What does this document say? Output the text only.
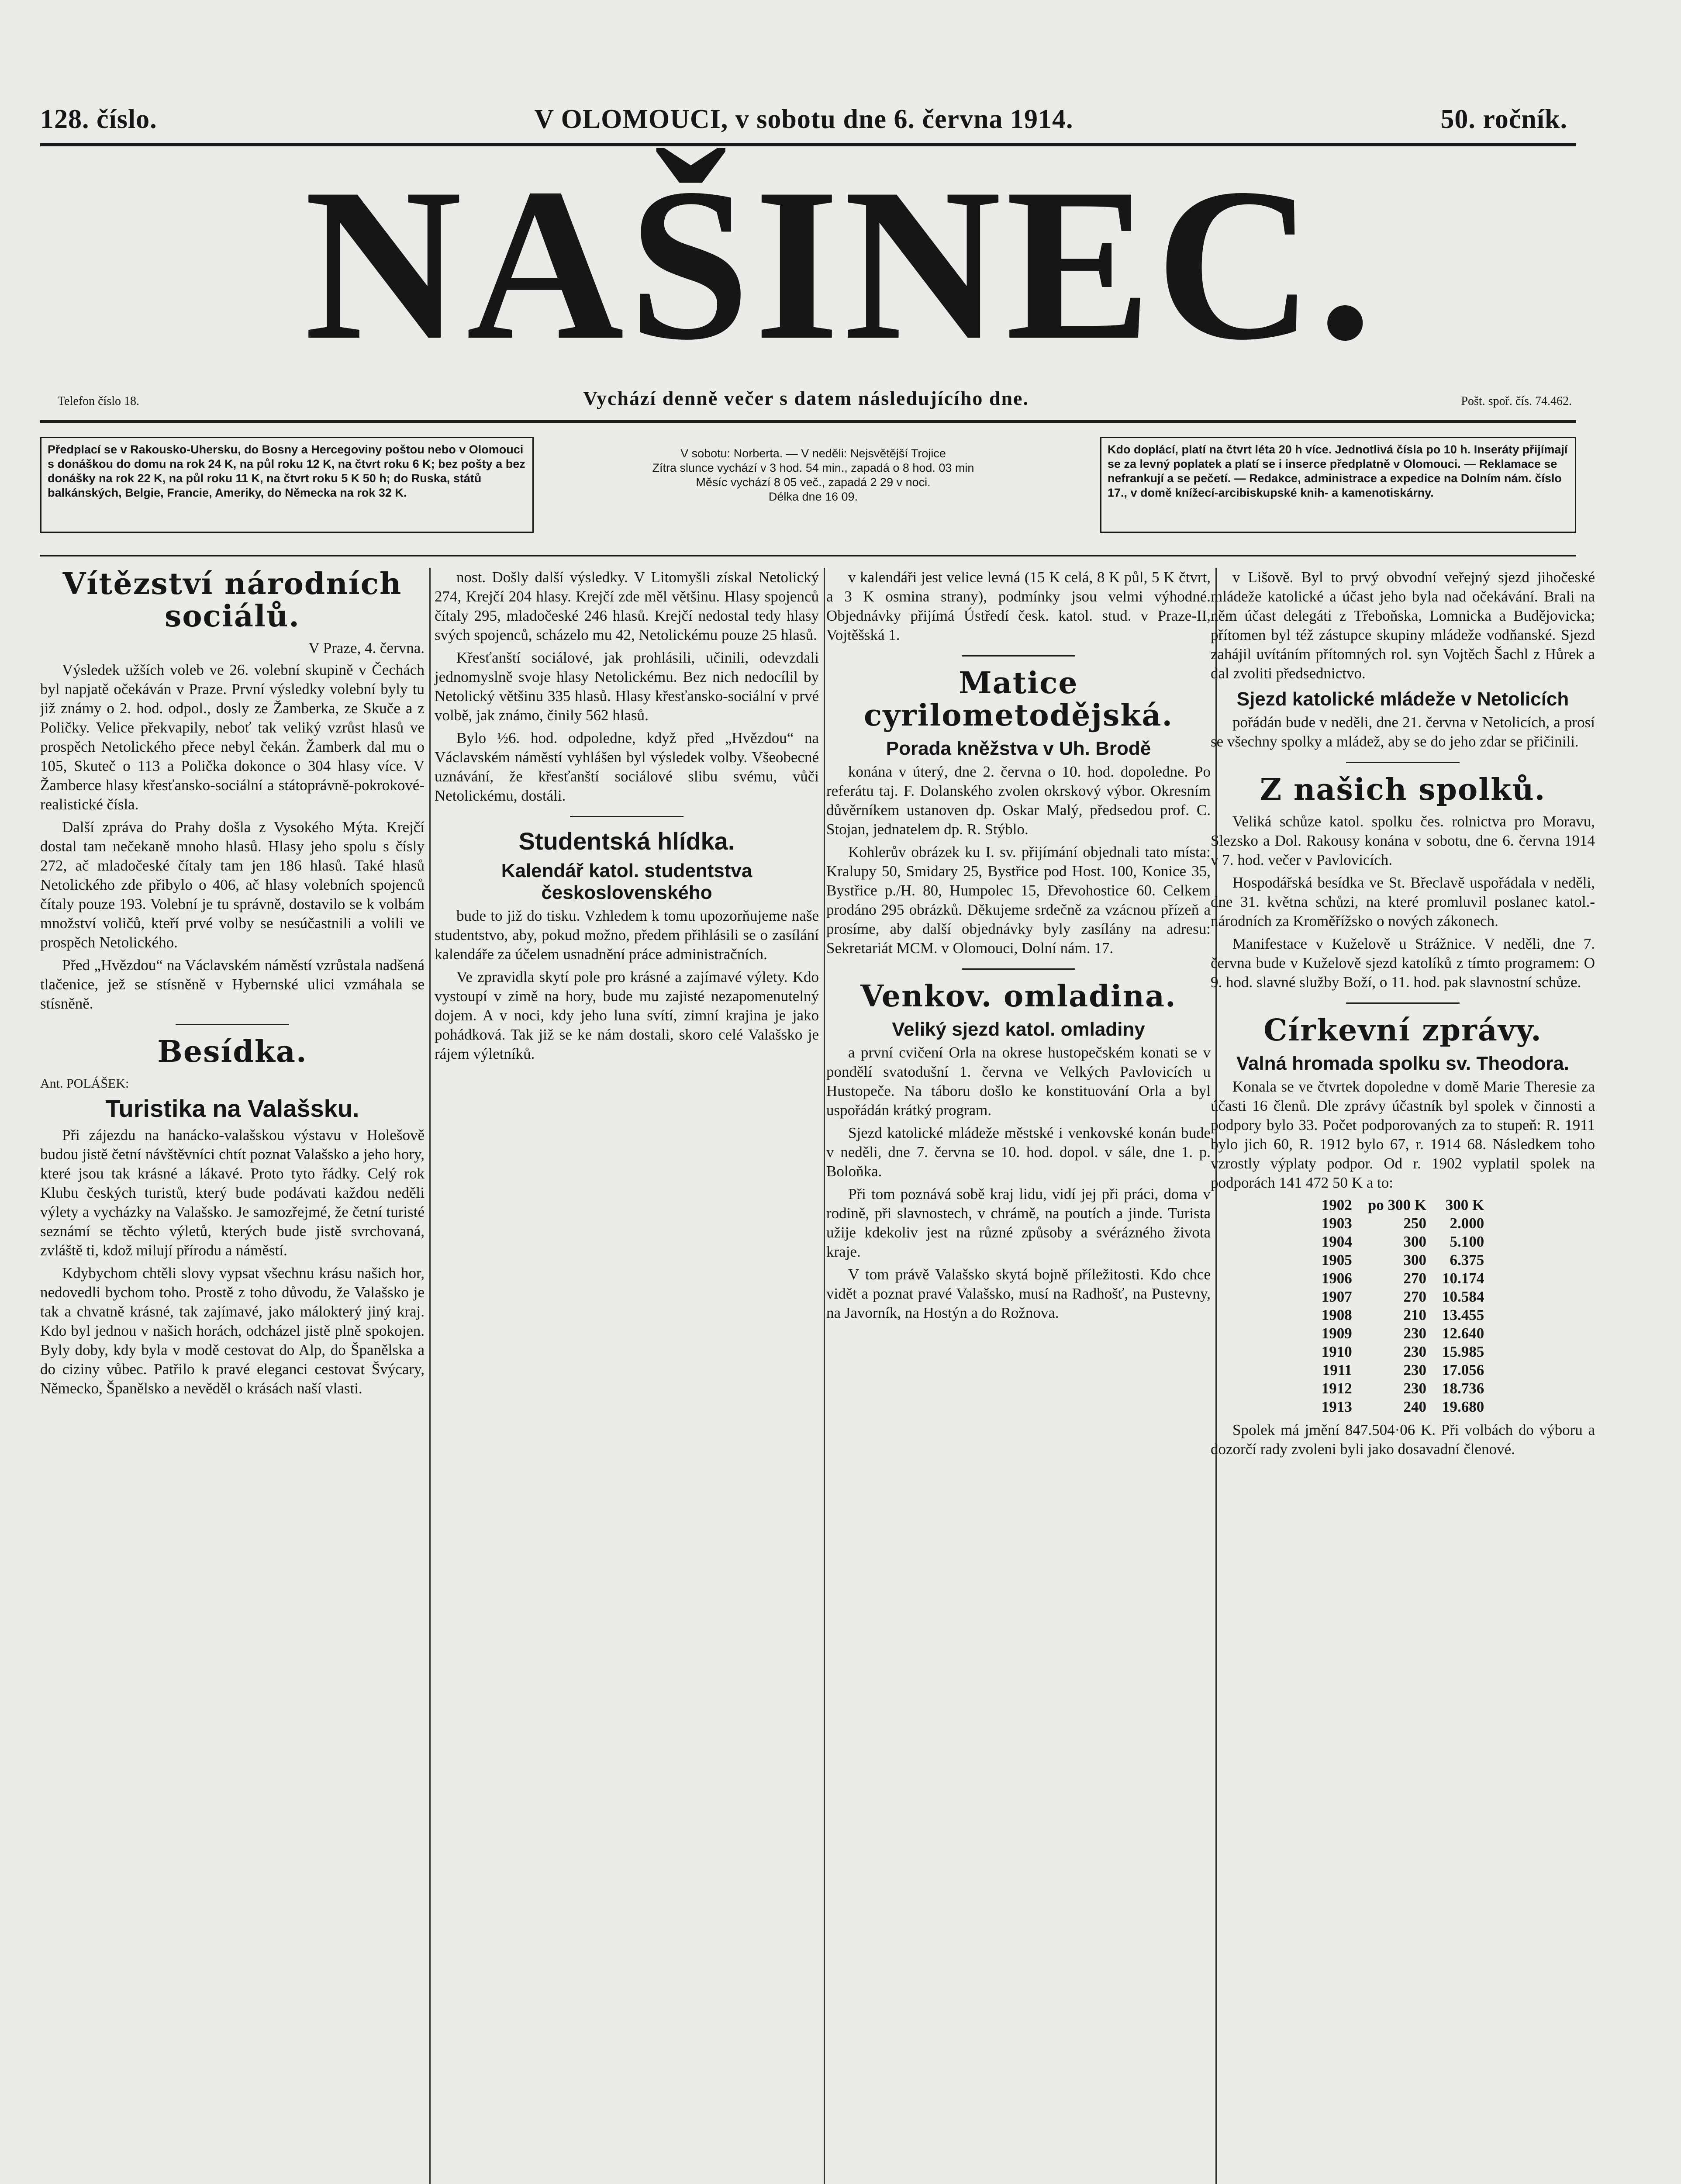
128. číslo.	V OLOMOUCI, v sobotu dne 6. června 1914.	50. ročník.
NAŠINEC.
Telefon číslo 18.	Vychází denně večer s datem následujícího dne.	Pošt. spoř. čís. 74.462.
Předplací se v Rakousko-Uhersku, do Bosny a Hercegoviny poštou nebo v Olomouci s donáškou do domu na rok 24 K, na půl roku 12 K, na čtvrt roku 6 K; bez pošty a bez donášky na rok 22 K, na půl roku 11 K, na čtvrt roku 5 K 50 h; do Ruska, států balkánských, Belgie, Francie, Ameriky, do Německa na rok 32 K.
V sobotu: Norberta. — V neděli: Nejsvětější Trojice
Zítra slunce vychází v 3 hod. 54 min., zapadá o 8 hod. 03 min
Měsíc vychází 8 05 več., zapadá 2 29 v noci.
Délka dne 16 09.
Kdo doplácí, platí na čtvrt léta 20 h více. Jednotlivá čísla po 10 h. Inseráty přijímají se za levný poplatek a platí se i inserce předplatně v Olomouci. — Reklamace se nefrankují a se pečetí. — Redakce, administrace a expedice na Dolním nám. číslo 17., v domě knížecí-arcibiskupské knih- a kamenotiskárny.
Vítězství národních sociálů.
V Praze, 4. června.

Výsledek užších voleb ve 26. volební skupině v Čechách byl napjatě očekáván v Praze. První výsledky volební byly tu již známy o 2. hod. odpol., dosly ze Žamberka, ze Skuče a z Poličky. Velice překvapily, neboť tak veliký vzrůst hlasů ve prospěch Netolického přece nebyl čekán. Žamberk dal mu o 105, Skuteč o 113 a Polička dokonce o 304 hlasy více. V Žamberce hlasy křesťansko-sociální a státoprávně-pokrokové-realistické čísla.

Další zpráva do Prahy došla z Vysokého Mýta. Krejčí dostal tam nečekaně mnoho hlasů. Hlasy jeho spolu s čísly 272, ač mladočeské čítaly tam jen 186 hlasů. Také hlasů Netolického zde přibylo o 406, ač hlasy volebních spojenců čítaly pouze 193. Volební je tu správně, dostavilo se k volbám množství voličů, kteří prvé volby se nesúčastnili a volili ve prospěch Netolického.

Před „Hvězdou“ na Václavském náměstí vzrůstala nadšená tlačenice, jež se stísněně v Hybernské ulici vzmáhala se stísněně.

Besídka.

Ant. POLÁŠEK:

Turistika na Valašsku.

Při zájezdu na hanácko-valašskou výstavu v Holešově budou jistě četní návštěvníci chtít poznat Valašsko a jeho hory, které jsou tak krásné a lákavé. Proto tyto řádky. Celý rok Klubu českých turistů, který bude podávati každou neděli výlety a vycházky na Valašsko. Je samozřejmé, že četní turisté seznámí se těchto výletů, kterých bude jistě svrchovaná, zvláště ti, kdož milují přírodu a náměstí.

Kdybychom chtěli slovy vypsat všechnu krásu našich hor, nedovedli bychom toho. Prostě z toho důvodu, že Valašsko je tak a chvatně krásné, tak zajímavé, jako málokterý jiný kraj. Kdo byl jednou v našich horách, odcházel jistě plně spokojen. Byly doby, kdy byla v modě cestovat do Alp, do Španělska a do ciziny vůbec. Patřilo k pravé eleganci cestovat Švýcary, Německo, Španělsko a nevěděl o krásách naší vlasti.

nost. Došly další výsledky. V Litomyšli získal Netolický 274, Krejčí 204 hlasy. Krejčí zde měl většinu. Hlasy spojenců čítaly 295, mladočeské 246 hlasů. Krejčí nedostal tedy hlasy svých spojenců, scházelo mu 42, Netolickému pouze 25 hlasů.

Křesťanští sociálové, jak prohlásili, učinili, odevzdali jednomyslně svoje hlasy Netolickému. Bez nich nedocílil by Netolický většinu 335 hlasů. Hlasy křesťansko-sociální v prvé volbě, jak známo, činily 562 hlasů.

Bylo ½6. hod. odpoledne, když před „Hvězdou“ na Václavském náměstí vyhlášen byl výsledek volby. Všeobecné uznávání, že křesťanští sociálové slibu svému, vůči Netolickému, dostáli.

Studentská hlídka.
Kalendář katol. studentstva československého

bude to již do tisku. Vzhledem k tomu upozorňujeme naše studentstvo, aby, pokud možno, předem přihlásili se o zasílání kalendáře za účelem usnadnění práce administračních.

Ve zpravidla skytí pole pro krásné a zajímavé výlety. Kdo vystoupí v zimě na hory, bude mu zajisté nezapomenutelný dojem. A v noci, kdy jeho luna svítí, zimní krajina je jako pohádková. Tak již se ke nám dostali, skoro celé Valašsko je rájem výletníků.

v kalendáři jest velice levná (15 K celá, 8 K půl, 5 K čtvrt, a 3 K osmina strany), podmínky jsou velmi výhodné. Objednávky přijímá Ústředí česk. katol. stud. v Praze-II, Vojtěšská 1.

Matice cyrilometodějská.
Porada kněžstva v Uh. Brodě

konána v úterý, dne 2. června o 10. hod. dopoledne. Po referátu taj. F. Dolanského zvolen okrskový výbor. Okresním důvěrníkem ustanoven dp. Oskar Malý, předsedou prof. C. Stojan, jednatelem dp. R. Stýblo.

Kohlerův obrázek ku I. sv. přijímání objednali tato místa: Kralupy 50, Smidary 25, Bystřice pod Host. 100, Konice 35, Bystřice p./H. 80, Humpolec 15, Dřevohostice 60. Celkem prodáno 295 obrázků. Děkujeme srdečně za vzácnou přízeň a prosíme, aby další objednávky byly zasílány na adresu: Sekretariát MCM. v Olomouci, Dolní nám. 17.

Venkov. omladina.
Veliký sjezd katol. omladiny

a první cvičení Orla na okrese hustopečském konati se v pondělí svatodušní 1. června ve Velkých Pavlovicích u Hustopeče. Na táboru došlo ke konstituování Orla a byl uspořádán krátký program.

Sjezd katolické mládeže městské i venkovské konán bude v neděli, dne 7. června se 10. hod. dopol. v sále, dne 1. p. Boloňka.

Při tom poznává sobě kraj lidu, vidí jej při práci, doma v rodině, při slavnostech, v chrámě, na poutích a jinde. Turista užije kdekoliv jest na různé způsoby a svérázného života kraje.

V tom právě Valašsko skytá bojně příležitosti. Kdo chce vidět a poznat pravé Valašsko, musí na Radhošť, na Pustevny, na Javorník, na Hostýn a do Rožnova.

v Lišově. Byl to prvý obvodní veřejný sjezd jihočeské mládeže katolické a účast jeho byla nad očekávání. Brali na něm účast delegáti z Třeboňska, Lomnicka a Budějovicka; přítomen byl též zástupce skupiny mládeže vodňanské. Sjezd zahájil uvítáním přítomných rol. syn Vojtěch Šachl z Hůrek a dal zvoliti předsednictvo.

Sjezd katolické mládeže v Netolicích

pořádán bude v neděli, dne 21. června v Netolicích, a prosí se všechny spolky a mládež, aby se do jeho zdar se přičinili.

Z našich spolků.

Veliká schůze katol. spolku čes. rolnictva pro Moravu, Slezsko a Dol. Rakousy konána v sobotu, dne 6. června 1914 v 7. hod. večer v Pavlovicích.

Hospodářská besídka ve St. Břeclavě uspořádala v neděli, dne 31. května schůzi, na které promluvil poslanec katol.-národních za Kroměřížsko o nových zákonech.

Manifestace v Kuželově u Strážnice. V neděli, dne 7. června bude v Kuželově sjezd katolíků z tímto programem: O 9. hod. slavné služby Boží, o 11. hod. pak slavnostní schůze.

Církevní zprávy.
Valná hromada spolku sv. Theodora.

Konala se ve čtvrtek dopoledne v domě Marie Theresie za účasti 16 členů. Dle zprávy účastník byl spolek v činnosti a podpory bylo 33. Počet podporovaných za to stupeň: R. 1911 bylo jich 60, R. 1912 bylo 67, r. 1914 68. Následkem toho vzrostly výplaty podpor. Od r. 1902 vyplatil spolek na podporách 141 472 50 K a to:

1902	po 300 K	300 K
1903	250	2.000
1904	300	5.100
1905	300	6.375
1906	270	10.174
1907	270	10.584
1908	210	13.455
1909	230	12.640
1910	230	15.985
1911	230	17.056
1912	230	18.736
1913	240	19.680

Spolek má jmění 847.504·06 K. Při volbách do výboru a dozorčí rady zvoleni byli jako dosavadní členové.
